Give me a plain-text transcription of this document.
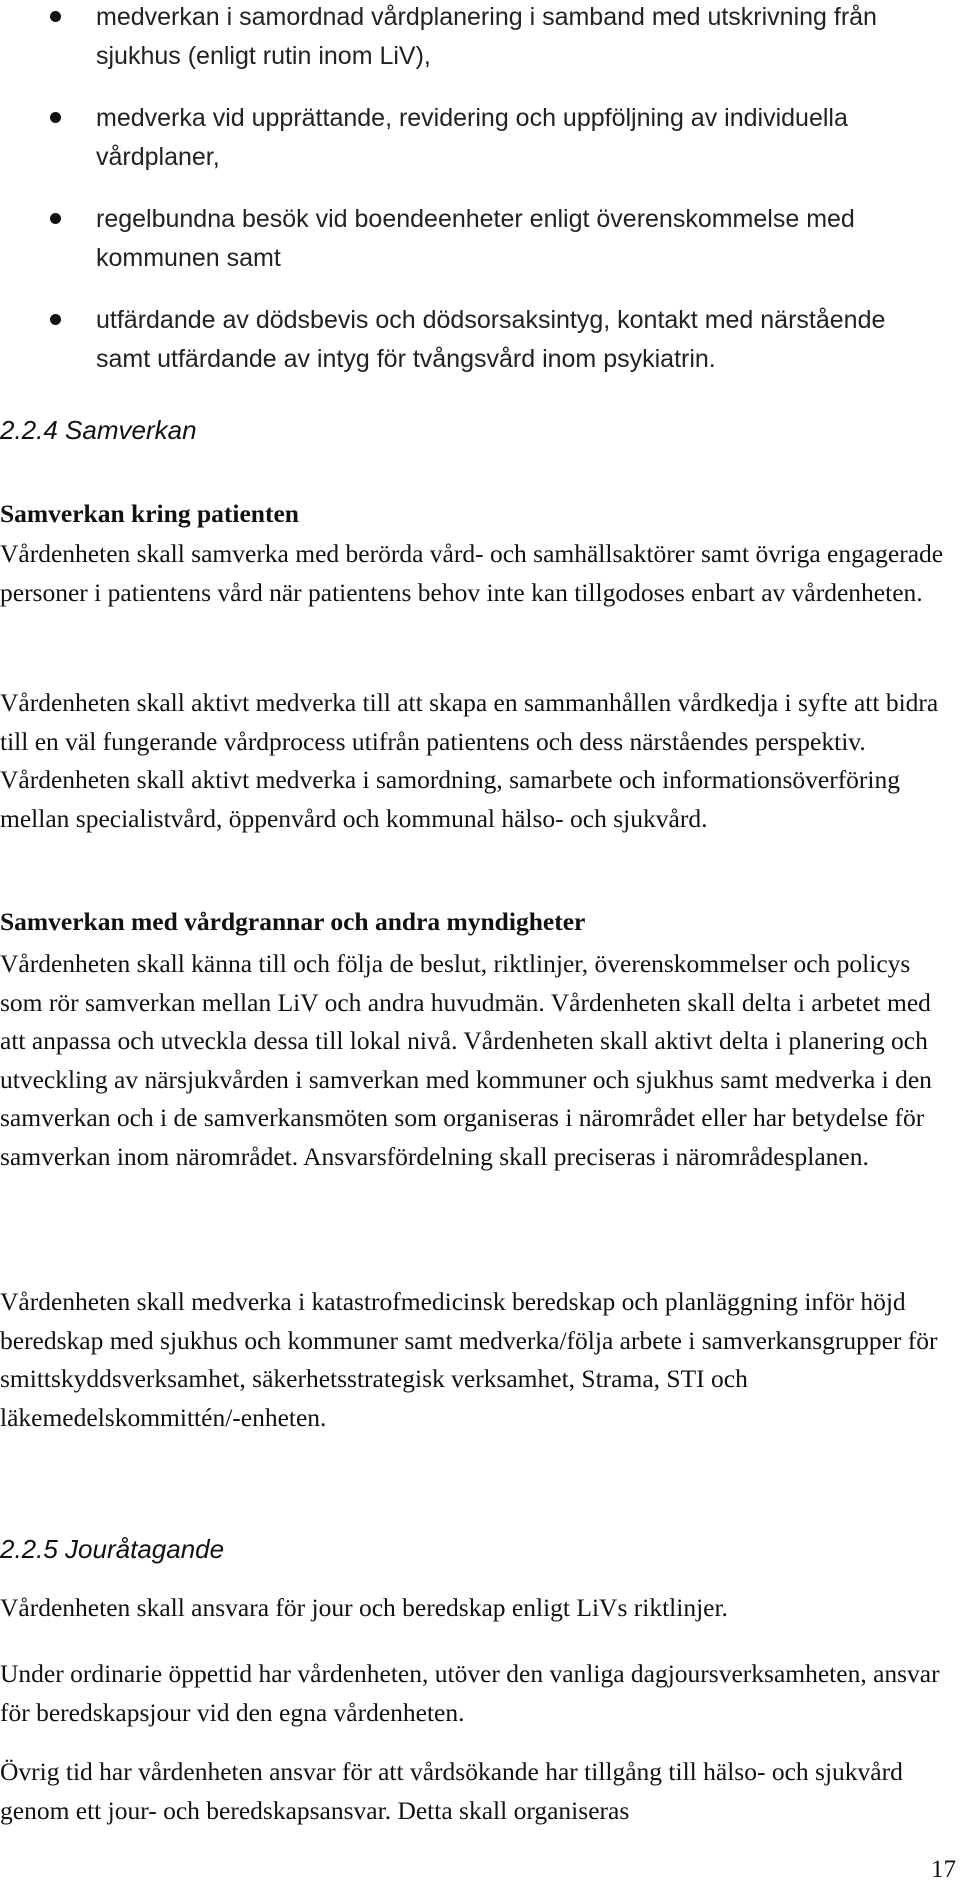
medverkan i samordnad vårdplanering i samband med utskrivning från sjukhus (enligt rutin inom LiV),
medverka vid upprättande, revidering och uppföljning av individuella vårdplaner,
regelbundna besök vid boendeenheter enligt överenskommelse med kommunen samt
utfärdande av dödsbevis och dödsorsaksintyg, kontakt med närstående samt utfärdande av intyg för tvångsvård inom psykiatrin.
2.2.4 Samverkan
Samverkan kring patienten

Vårdenheten skall samverka med berörda vård- och samhällsaktörer samt övriga engagerade personer i patientens vård när patientens behov inte kan tillgodoses enbart av vårdenheten.

Vårdenheten skall aktivt medverka till att skapa en sammanhållen vårdkedja i syfte att bidra till en väl fungerande vårdprocess utifrån patientens och dess närståendes perspektiv. Vårdenheten skall aktivt medverka i samordning, samarbete och informationsöverföring mellan specialistvård, öppenvård och kommunal hälso- och sjukvård.

Samverkan med vårdgrannar och andra myndigheter

Vårdenheten skall känna till och följa de beslut, riktlinjer, överenskommelser och policys som rör samverkan mellan LiV och andra huvudmän. Vårdenheten skall delta i arbetet med att anpassa och utveckla dessa till lokal nivå. Vårdenheten skall aktivt delta i planering och utveckling av närsjukvården i samverkan med kommuner och sjukhus samt medverka i den samverkan och i de samverkansmöten som organiseras i närområdet eller har betydelse för samverkan inom närområdet. Ansvarsfördelning skall preciseras i närområdesplanen.

Vårdenheten skall medverka i katastrofmedicinsk beredskap och planläggning inför höjd beredskap med sjukhus och kommuner samt medverka/följa arbete i samverkansgrupper för smittskyddsverksamhet, säkerhetsstrategisk verksamhet, Strama, STI och läkemedelskommittén/-enheten.

2.2.5 Jouråtagande

Vårdenheten skall ansvara för jour och beredskap enligt LiVs riktlinjer.

Under ordinarie öppettid har vårdenheten, utöver den vanliga dagjoursverksamheten, ansvar för beredskapsjour vid den egna vårdenheten.

Övrig tid har vårdenheten ansvar för att vårdsökande har tillgång till hälso- och sjukvård genom ett jour- och beredskapsansvar. Detta skall organiseras

17
